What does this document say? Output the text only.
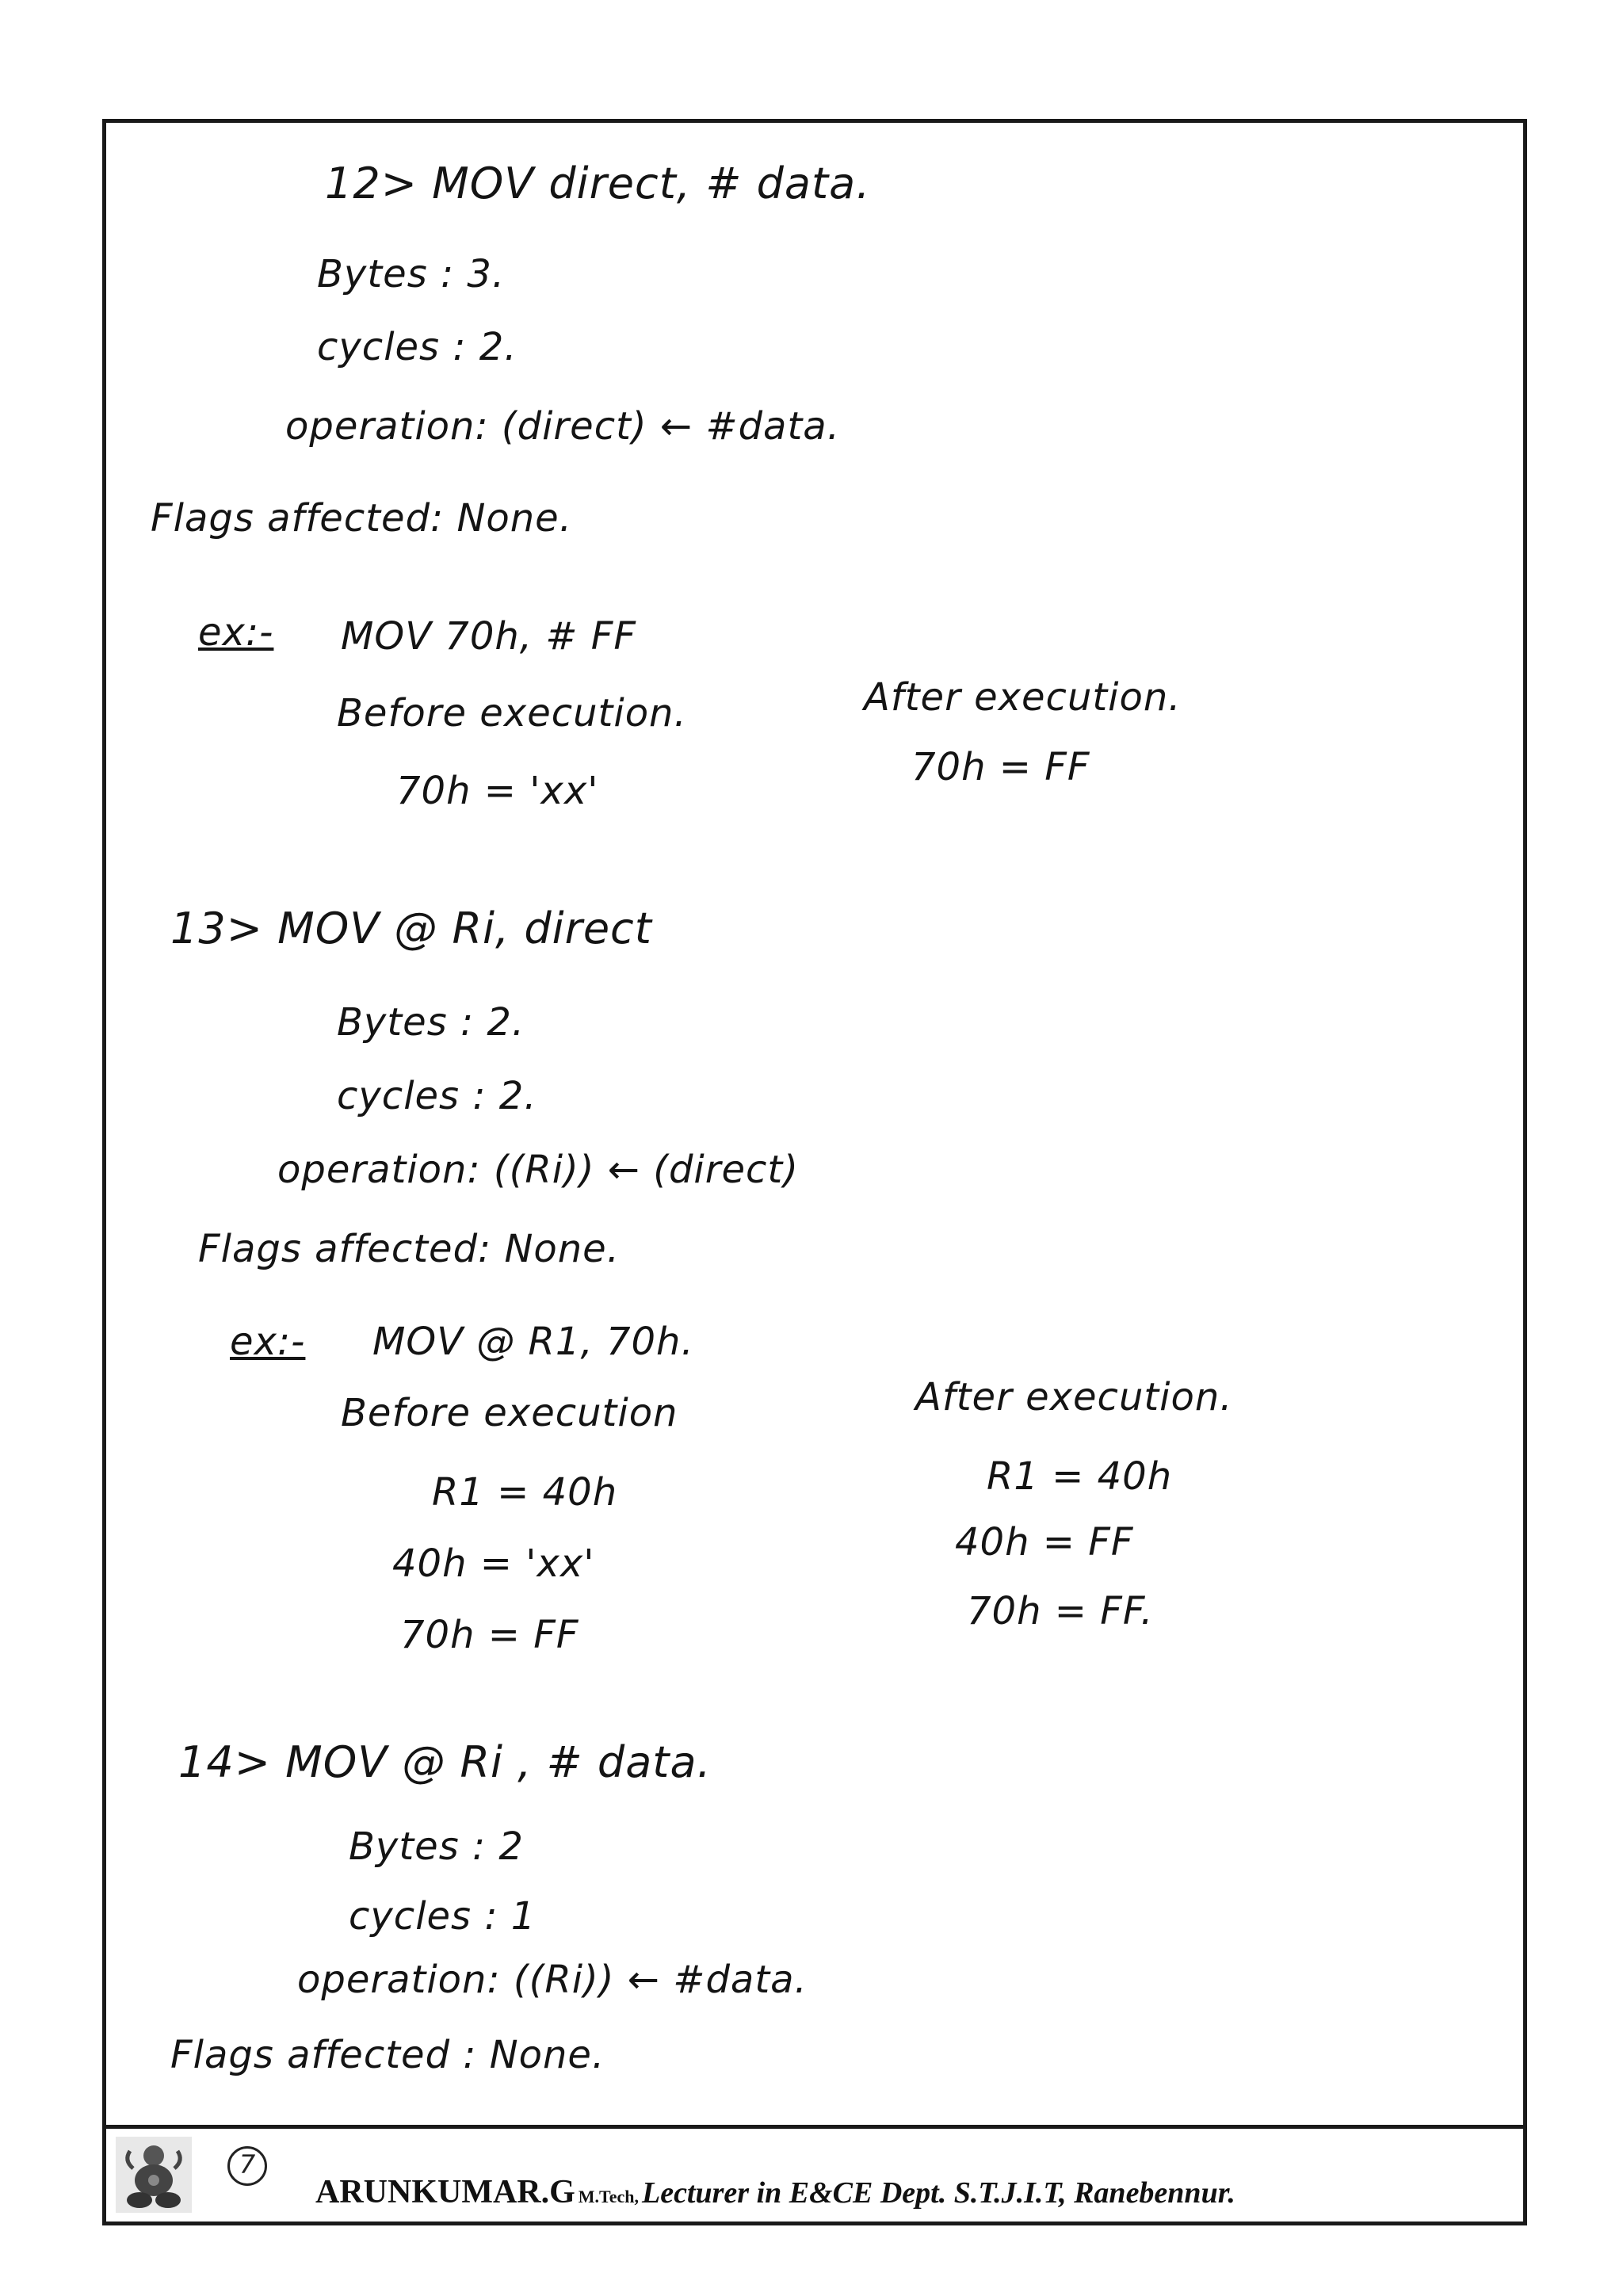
12> MOV direct, # data.
Bytes : 3.
cycles : 2.
operation: (direct) ← #data.
Flags affected: None.
ex:- MOV 70h, # FF
Before execution.
70h = 'xx'
After execution.
70h = FF
13> MOV @ Ri, direct
Bytes : 2.
cycles : 2.
operation: ((Ri)) ← (direct)
Flags affected: None.
ex:- MOV @ R1, 70h.
Before execution
R1 = 40h
40h = 'xx'
70h = FF
After execution.
R1 = 40h
40h = FF
70h = FF.
14> MOV @ Ri , # data.
Bytes : 2
cycles : 1
operation: ((Ri)) ← #data.
Flags affected : None.
7
ARUNKUMAR.G M.Tech, Lecturer in E&CE Dept. S.T.J.I.T, Ranebennur.
